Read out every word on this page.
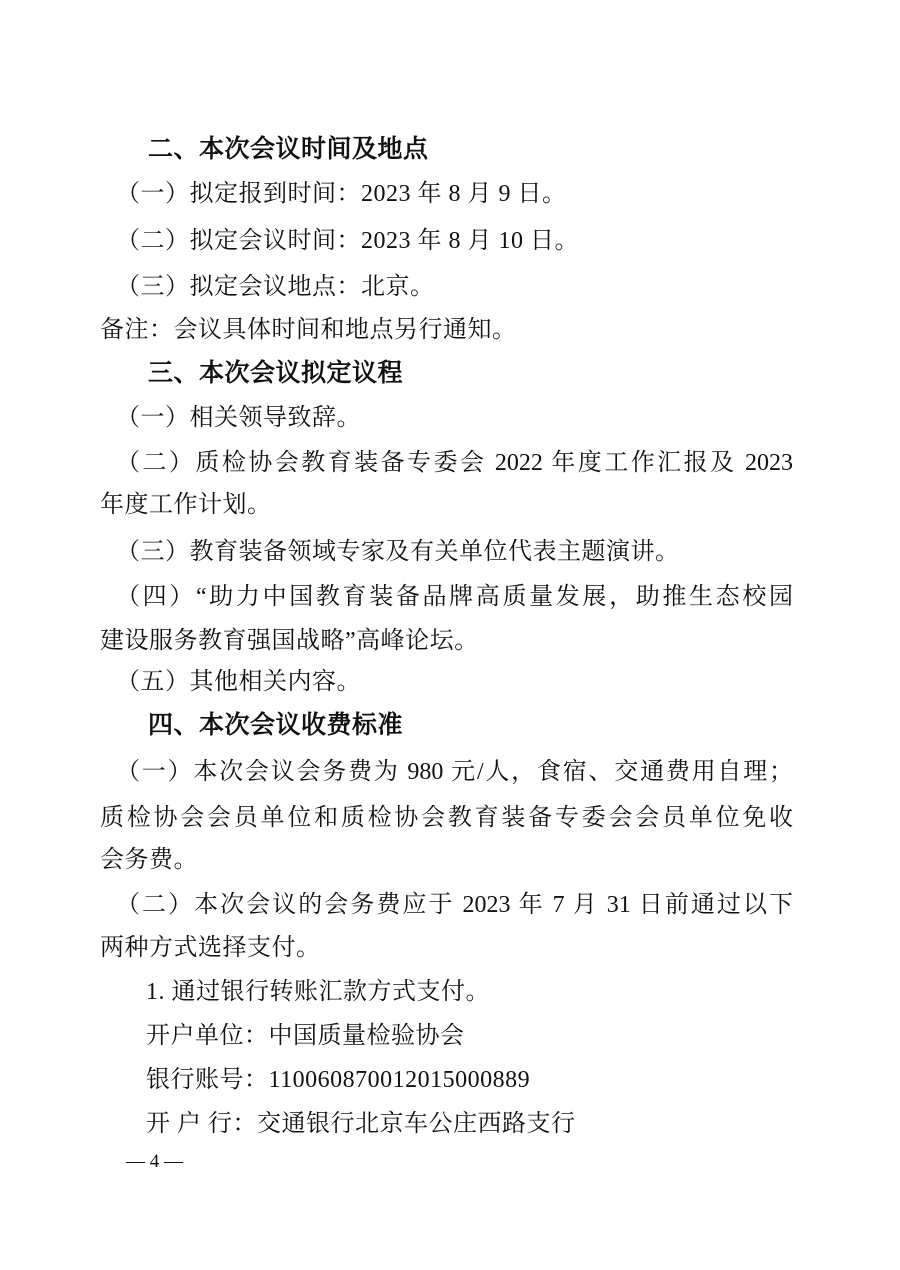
二、本次会议时间及地点
（一）拟定报到时间：2023 年 8 月 9 日。
（二）拟定会议时间：2023 年 8 月 10 日。
（三）拟定会议地点：北京。
备注：会议具体时间和地点另行通知。
三、本次会议拟定议程
（一）相关领导致辞。
（二）质检协会教育装备专委会 2022 年度工作汇报及 2023
年度工作计划。
（三）教育装备领域专家及有关单位代表主题演讲。
（四）“助力中国教育装备品牌高质量发展，助推生态校园
建设服务教育强国战略”高峰论坛。
（五）其他相关内容。
四、本次会议收费标准
（一）本次会议会务费为 980 元/人，食宿、交通费用自理；
质检协会会员单位和质检协会教育装备专委会会员单位免收
会务费。
（二）本次会议的会务费应于 2023 年 7 月 31 日前通过以下
两种方式选择支付。
1. 通过银行转账汇款方式支付。
开户单位：中国质量检验协会
银行账号：110060870012015000889
开 户 行：交通银行北京车公庄西路支行
— 4 —
